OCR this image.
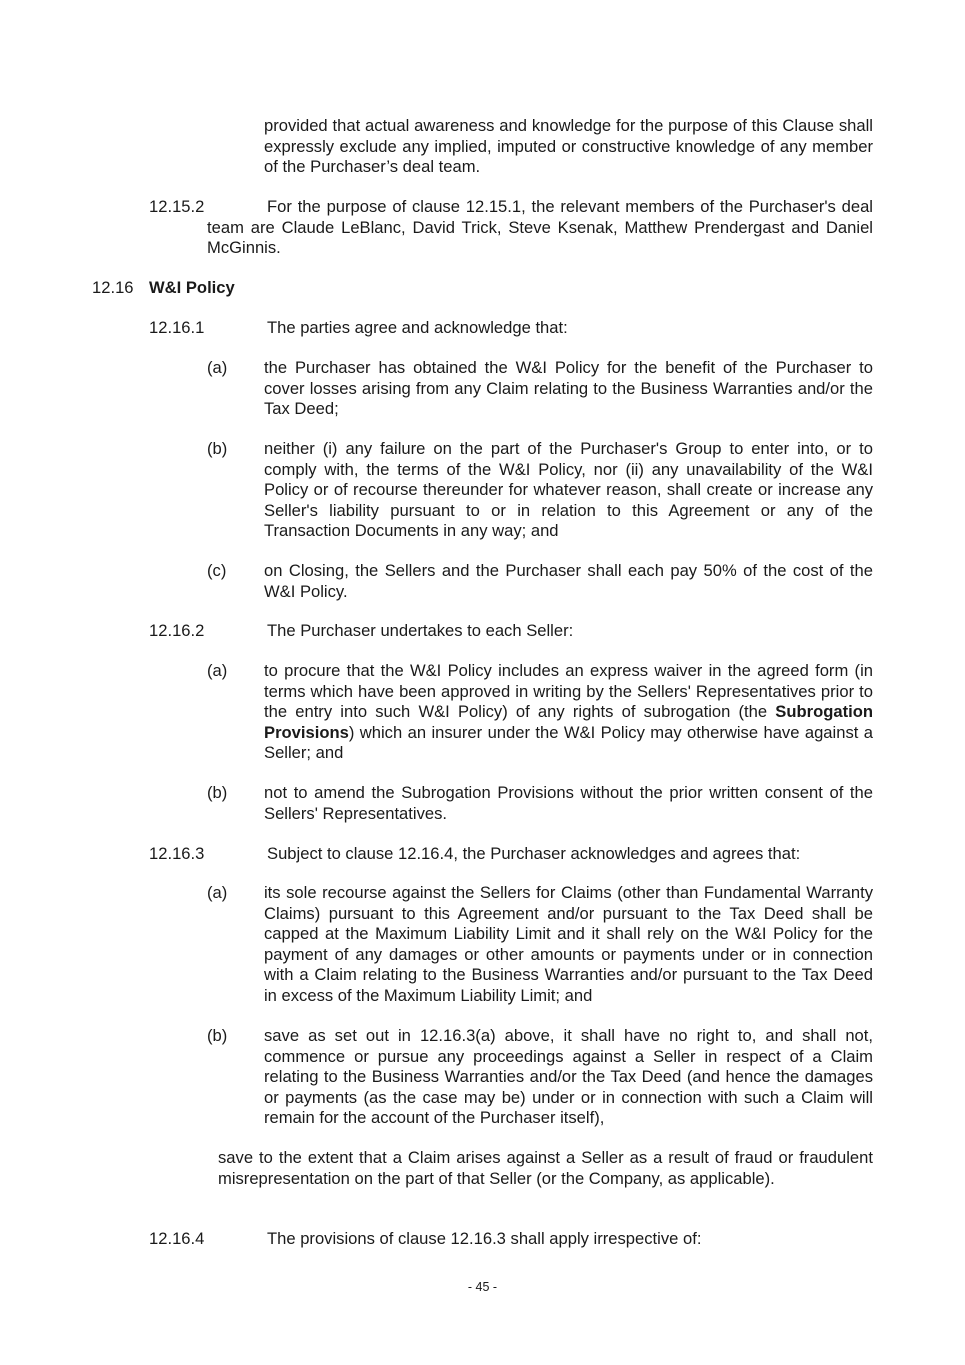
provided that actual awareness and knowledge for the purpose of this Clause shall expressly exclude any implied, imputed or constructive knowledge of any member of the Purchaser’s deal team.
12.15.2	For the purpose of clause 12.15.1, the relevant members of the Purchaser's deal team are Claude LeBlanc, David Trick, Steve Ksenak, Matthew Prendergast and Daniel McGinnis.
12.16 W&I Policy
12.16.1	The parties agree and acknowledge that:
(a) the Purchaser has obtained the W&I Policy for the benefit of the Purchaser to cover losses arising from any Claim relating to the Business Warranties and/or the Tax Deed;
(b) neither (i) any failure on the part of the Purchaser's Group to enter into, or to comply with, the terms of the W&I Policy, nor (ii) any unavailability of the W&I Policy or of recourse thereunder for whatever reason, shall create or increase any Seller's liability pursuant to or in relation to this Agreement or any of the Transaction Documents in any way; and
(c) on Closing, the Sellers and the Purchaser shall each pay 50% of the cost of the W&I Policy.
12.16.2	The Purchaser undertakes to each Seller:
(a) to procure that the W&I Policy includes an express waiver in the agreed form (in terms which have been approved in writing by the Sellers' Representatives prior to the entry into such W&I Policy) of any rights of subrogation (the Subrogation Provisions) which an insurer under the W&I Policy may otherwise have against a Seller; and
(b) not to amend the Subrogation Provisions without the prior written consent of the Sellers' Representatives.
12.16.3	Subject to clause 12.16.4, the Purchaser acknowledges and agrees that:
(a) its sole recourse against the Sellers for Claims (other than Fundamental Warranty Claims) pursuant to this Agreement and/or pursuant to the Tax Deed shall be capped at the Maximum Liability Limit and it shall rely on the W&I Policy for the payment of any damages or other amounts or payments under or in connection with a Claim relating to the Business Warranties and/or pursuant to the Tax Deed in excess of the Maximum Liability Limit; and
(b) save as set out in 12.16.3(a) above, it shall have no right to, and shall not, commence or pursue any proceedings against a Seller in respect of a Claim relating to the Business Warranties and/or the Tax Deed (and hence the damages or payments (as the case may be) under or in connection with such a Claim will remain for the account of the Purchaser itself),
save to the extent that a Claim arises against a Seller as a result of fraud or fraudulent misrepresentation on the part of that Seller (or the Company, as applicable).
12.16.4	The provisions of clause 12.16.3 shall apply irrespective of:
- 45 -
